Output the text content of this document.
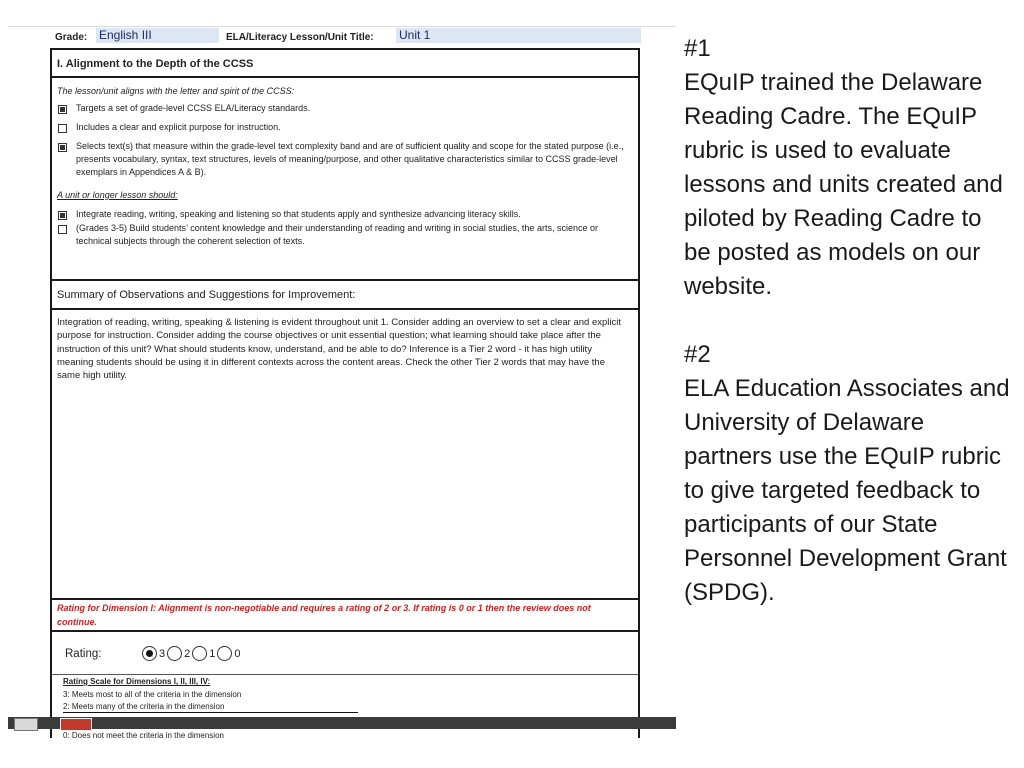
Grade: English III	ELA/Literacy Lesson/Unit Title: Unit 1
I. Alignment to the Depth of the CCSS
The lesson/unit aligns with the letter and spirit of the CCSS:
Targets a set of grade-level CCSS ELA/Literacy standards.
Includes a clear and explicit purpose for instruction.
Selects text(s) that measure within the grade-level text complexity band and are of sufficient quality and scope for the stated purpose (i.e., presents vocabulary, syntax, text structures, levels of meaning/purpose, and other qualitative characteristics similar to CCSS grade-level exemplars in Appendices A & B).
A unit or longer lesson should:
Integrate reading, writing, speaking and listening so that students apply and synthesize advancing literacy skills.
(Grades 3-5) Build students’ content knowledge and their understanding of reading and writing in social studies, the arts, science or technical subjects through the coherent selection of texts.
Summary of Observations and Suggestions for Improvement:
Integration of reading, writing, speaking & listening is evident throughout unit 1. Consider adding an overview to set a clear and explicit purpose for instruction. Consider adding the course objectives or unit essential question; what learning should take place after the instruction of this unit? What should students know, understand, and be able to do? Inference is a Tier 2 word - it has high utility meaning students should be using it in different contexts across the content areas. Check the other Tier 2 words that may have the same high utility.
Rating for Dimension I: Alignment is non-negotiable and requires a rating of 2 or 3. If rating is 0 or 1 then the review does not continue.
Rating:	3 2 1 0
Rating Scale for Dimensions I, II, III, IV:
3: Meets most to all of the criteria in the dimension
2: Meets many of the criteria in the dimension
0: Does not meet the criteria in the dimension
#1
EQuIP trained the Delaware Reading Cadre. The EQuIP rubric is used to evaluate lessons and units created and piloted by Reading Cadre to be posted as models on our website.
#2
ELA Education Associates and University of Delaware partners use the EQuIP rubric to give targeted feedback to participants of our State Personnel Development Grant (SPDG).
